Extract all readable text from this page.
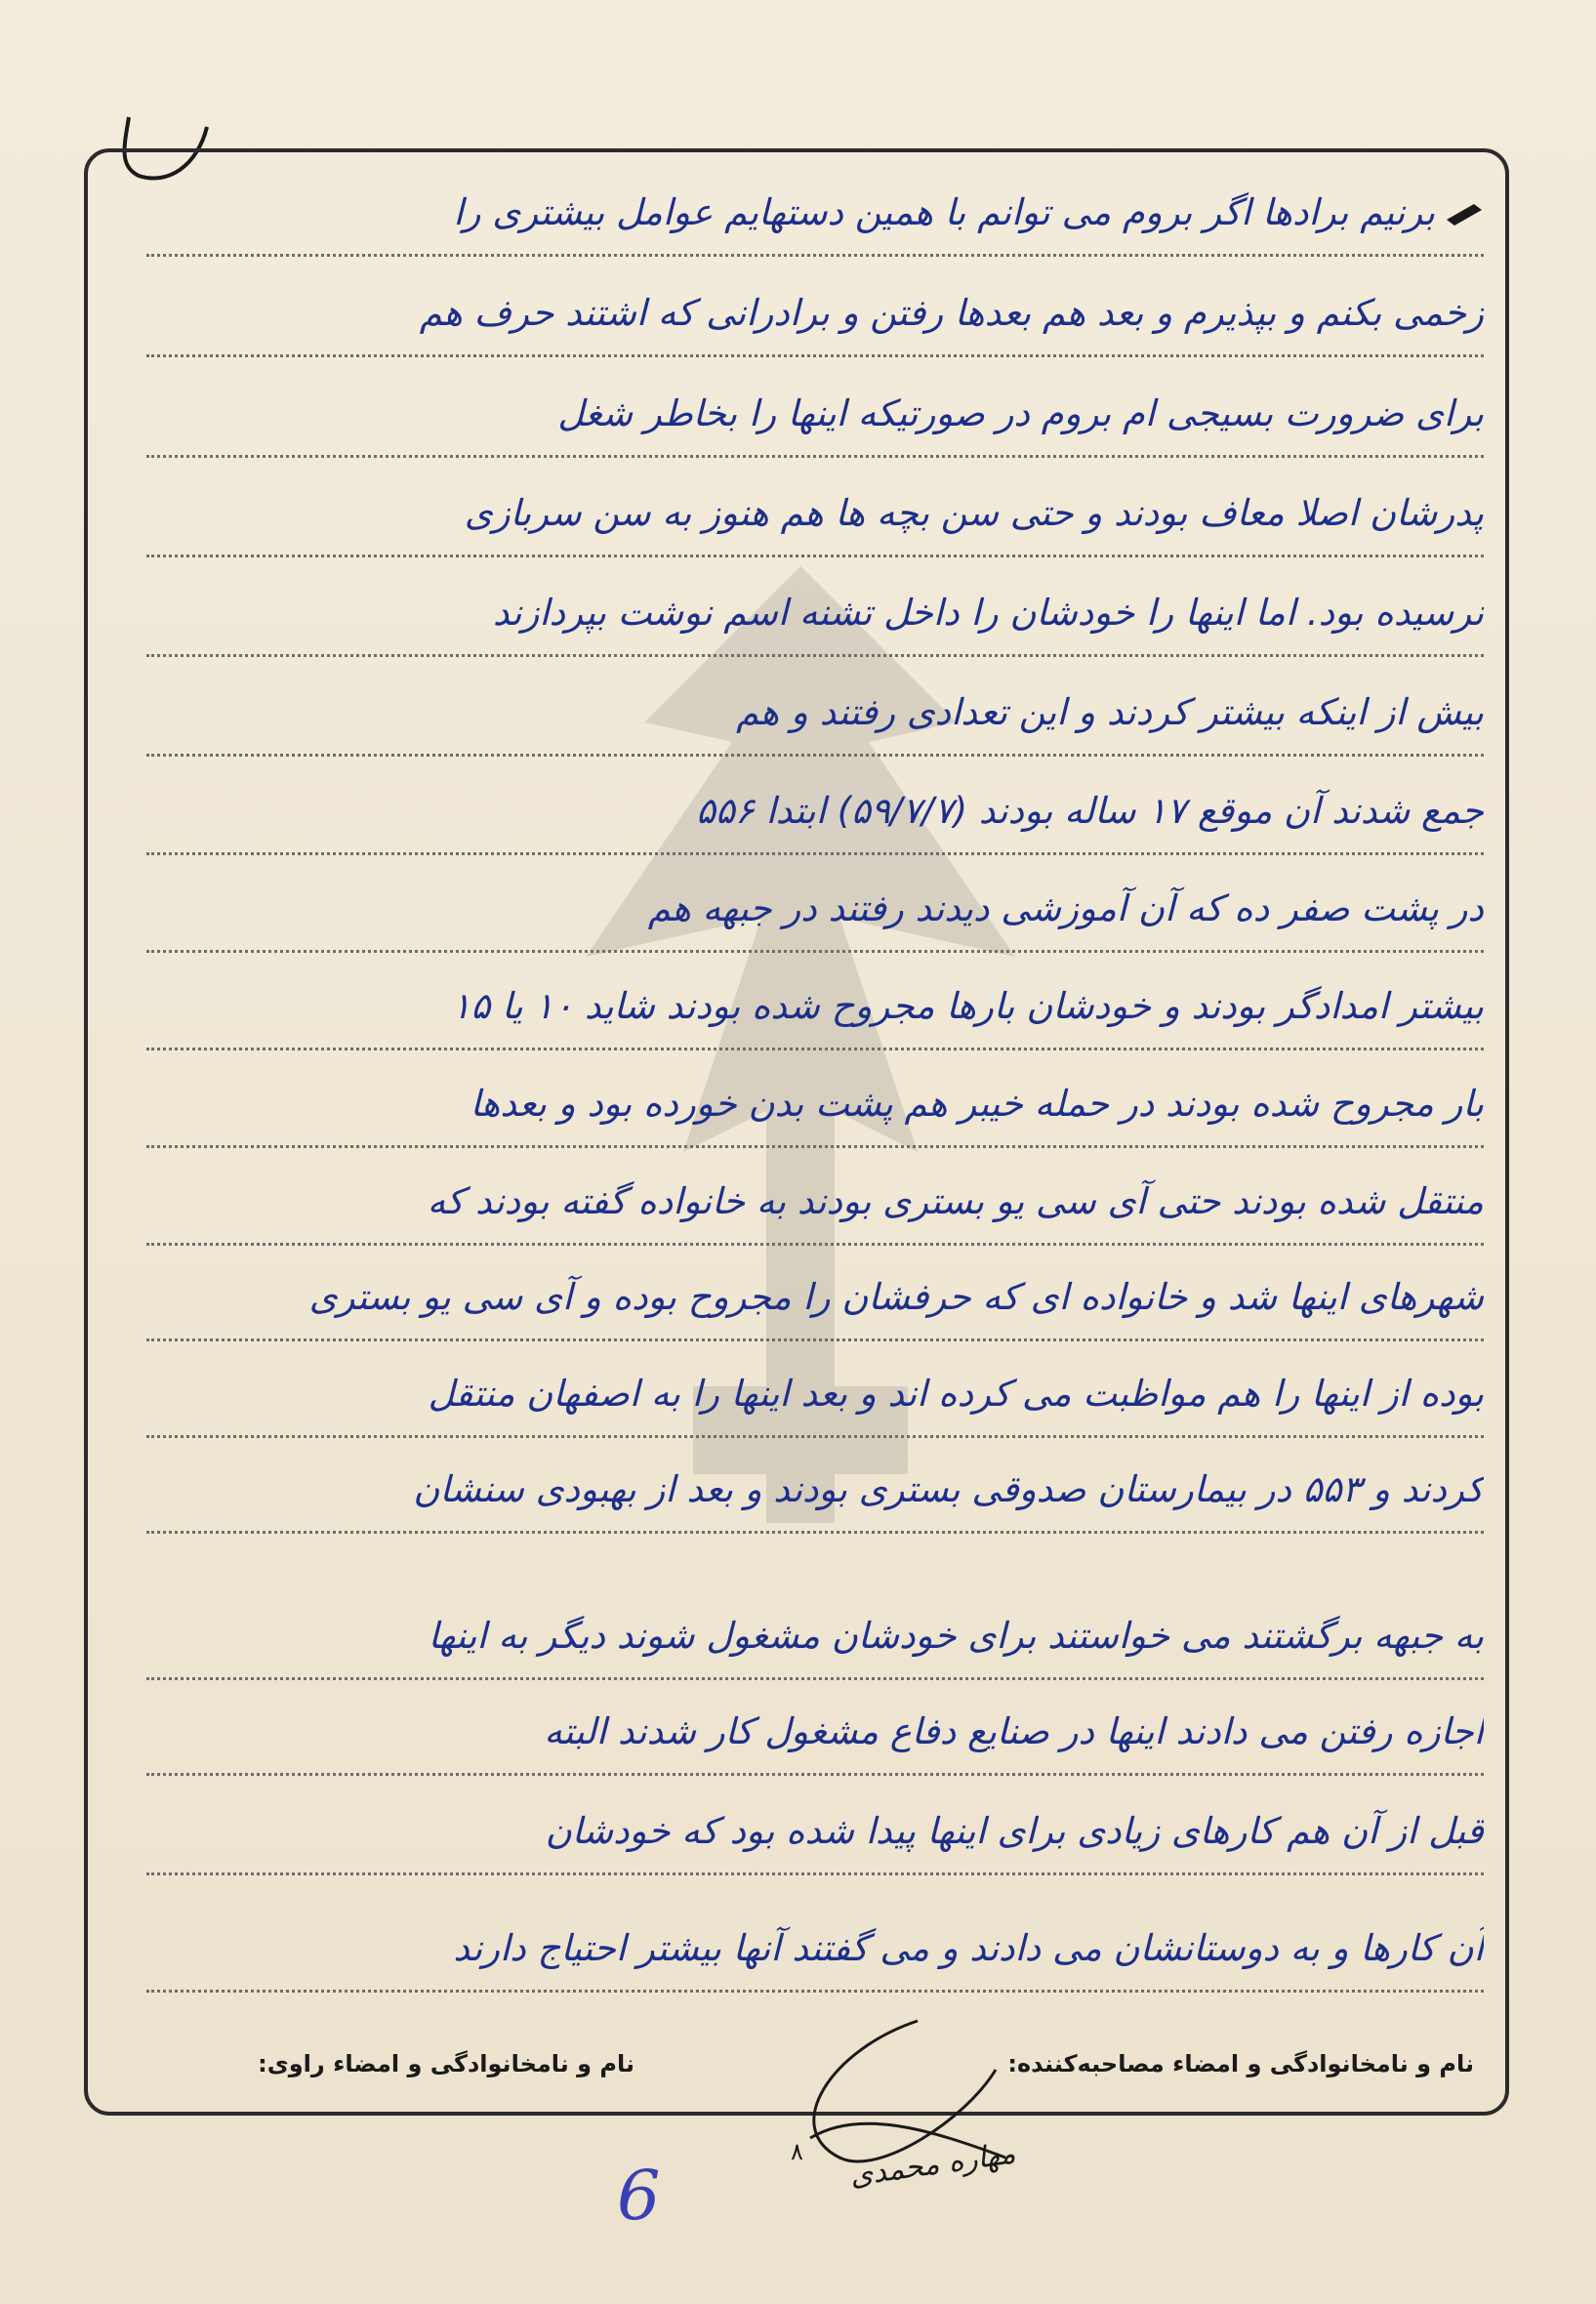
برنیم برادها اگر بروم می توانم با همین دستهایم عوامل بیشتری را
زخمی بکنم و بپذیرم و بعد هم بعدها رفتن و برادرانی که اشتند حرف هم
برای ضرورت بسیجی ام بروم در صورتیکه اینها را بخاطر شغل
پدرشان اصلا معاف بودند و حتی سن بچه ها هم هنوز به سن سربازی
نرسیده بود. اما اینها را خودشان را داخل تشنه اسم نوشت بپردازند
بیش از اینکه بیشتر کردند و این تعدادی رفتند و هم
جمع شدند آن موقع ۱۷ ساله بودند (۵۹/۷/۷) ابتدا ۵۵۶
در پشت صفر ده که آن آموزشی دیدند رفتند در جبهه هم
بیشتر امدادگر بودند و خودشان بارها مجروح شده بودند شاید ۱۰ یا ۱۵
بار مجروح شده بودند در حمله خیبر هم پشت بدن خورده بود و بعدها
منتقل شده بودند حتی آی سی یو بستری بودند به خانواده گفته بودند که
شهرهای اینها شد و خانواده ای که حرفشان را مجروح بوده و آی سی یو بستری
بوده از اینها را هم مواظبت می کرده اند و بعد اینها را به اصفهان منتقل
کردند و ۵۵۳ در بیمارستان صدوقی بستری بودند و بعد از بهبودی سنشان
به جبهه برگشتند می خواستند برای خودشان مشغول شوند دیگر به اینها
اجازه رفتن می دادند اینها در صنایع دفاع مشغول کار شدند البته
قبل از آن هم کارهای زیادی برای اینها پیدا شده بود که خودشان
آن کارها و به دوستانشان می دادند و می گفتند آنها بیشتر احتیاج دارند
نام و نامخانوادگی و امضاء مصاحبه‌کننده:
نام و نامخانوادگی و امضاء راوی:
۸ مهاره محمدی
6
